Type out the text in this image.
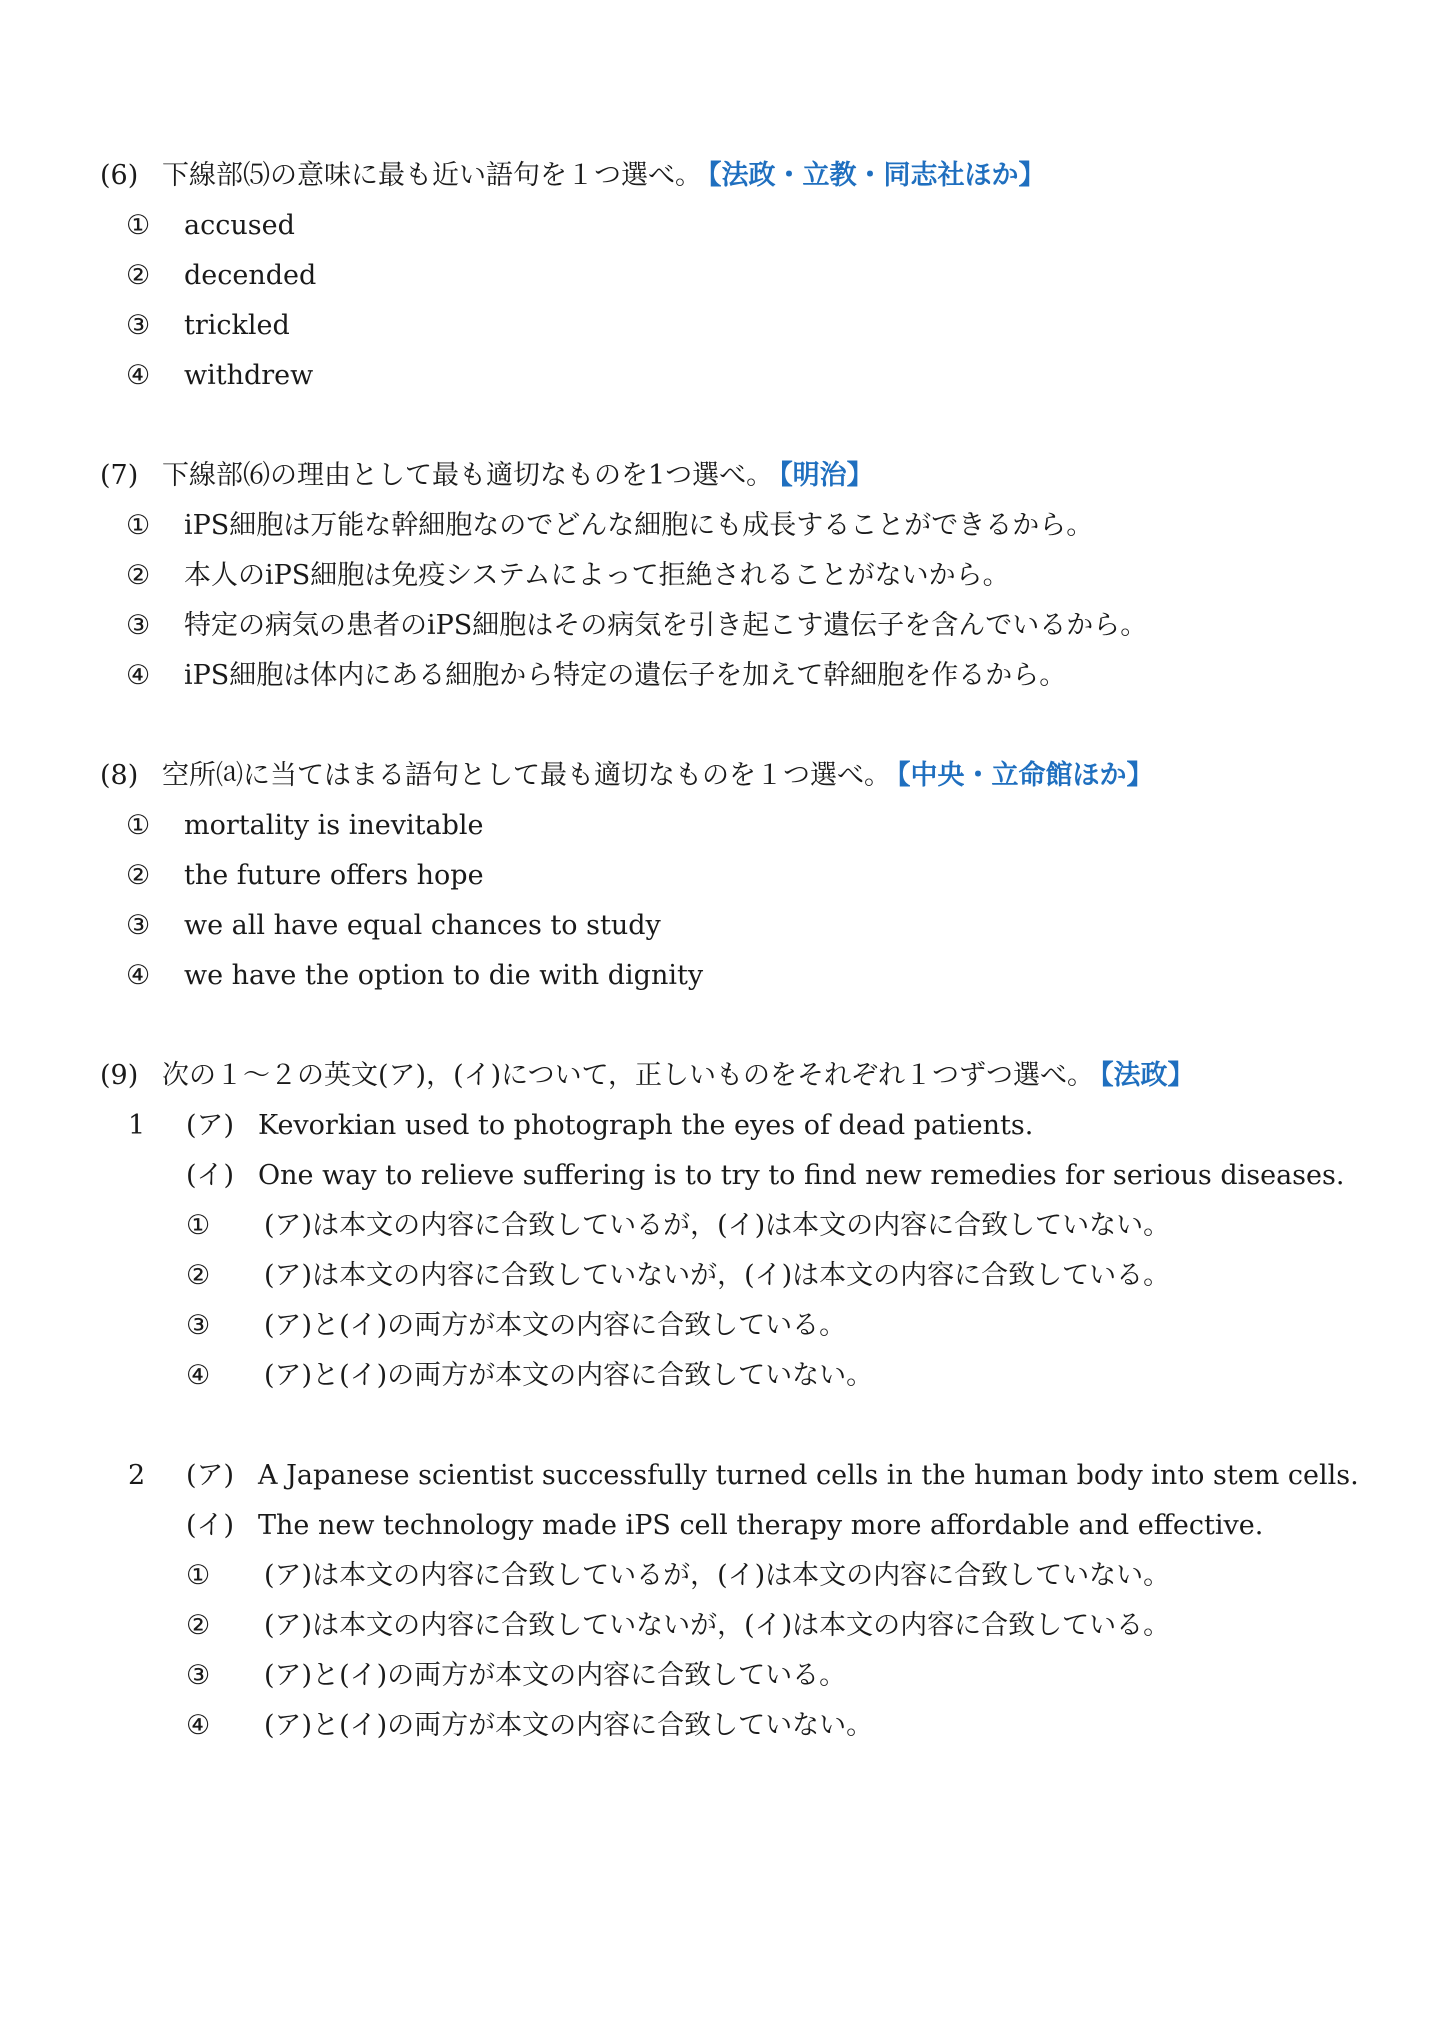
(6) 下線部⑸の意味に最も近い語句を１つ選べ。 【法政・立教・同志社ほか】
① accused
② decended
③ trickled
④ withdrew
(7) 下線部⑹の理由として最も適切なものを1つ選べ。 【明治】
① iPS細胞は万能な幹細胞なのでどんな細胞にも成長することができるから。
② 本人のiPS細胞は免疫システムによって拒絶されることがないから。
③ 特定の病気の患者のiPS細胞はその病気を引き起こす遺伝子を含んでいるから。
④ iPS細胞は体内にある細胞から特定の遺伝子を加えて幹細胞を作るから。
(8) 空所⒜に当てはまる語句として最も適切なものを１つ選べ。 【中央・立命館ほか】
① mortality is inevitable
② the future offers hope
③ we all have equal chances to study
④ we have the option to die with dignity
(9) 次の１〜２の英文(ア)，(イ)について，正しいものをそれぞれ１つずつ選べ。 【法政】
1 (ア) Kevorkian used to photograph the eyes of dead patients.
(イ) One way to relieve suffering is to try to find new remedies for serious diseases.
① (ア)は本文の内容に合致しているが，(イ)は本文の内容に合致していない。
② (ア)は本文の内容に合致していないが，(イ)は本文の内容に合致している。
③ (ア)と(イ)の両方が本文の内容に合致している。
④ (ア)と(イ)の両方が本文の内容に合致していない。
2 (ア) A Japanese scientist successfully turned cells in the human body into stem cells.
(イ) The new technology made iPS cell therapy more affordable and effective.
① (ア)は本文の内容に合致しているが，(イ)は本文の内容に合致していない。
② (ア)は本文の内容に合致していないが，(イ)は本文の内容に合致している。
③ (ア)と(イ)の両方が本文の内容に合致している。
④ (ア)と(イ)の両方が本文の内容に合致していない。
